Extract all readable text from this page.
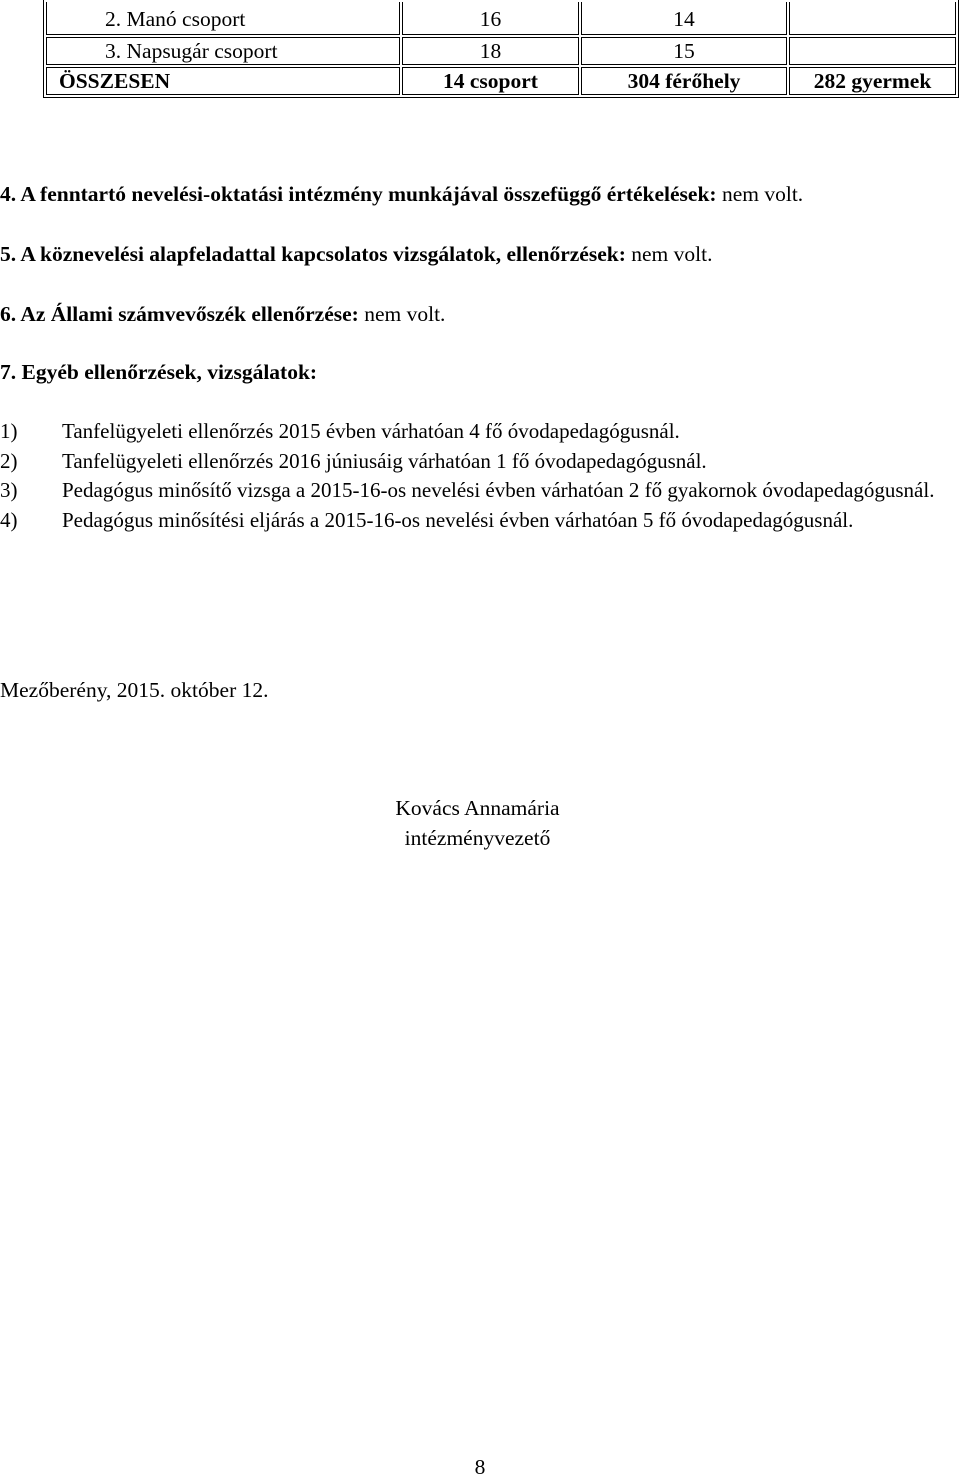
2. Manó csoport	16	14	
3. Napsugár csoport	18	15	
ÖSSZESEN	14 csoport	304 férőhely	282 gyermek
4. A fenntartó nevelési-oktatási intézmény munkájával összefüggő értékelések: nem volt.
5. A köznevelési alapfeladattal kapcsolatos vizsgálatok, ellenőrzések: nem volt.
6. Az Állami számvevőszék ellenőrzése: nem volt.
7. Egyéb ellenőrzések, vizsgálatok:
1) Tanfelügyeleti ellenőrzés 2015 évben várhatóan 4 fő óvodapedagógusnál.
2) Tanfelügyeleti ellenőrzés 2016 júniusáig várhatóan 1 fő óvodapedagógusnál.
3) Pedagógus minősítő vizsga a 2015-16-os nevelési évben várhatóan 2 fő gyakornok óvodapedagógusnál.
4) Pedagógus minősítési eljárás a 2015-16-os nevelési évben várhatóan 5 fő óvodapedagógusnál.
Mezőberény, 2015. október 12.
Kovács Annamária
intézményvezető
8
